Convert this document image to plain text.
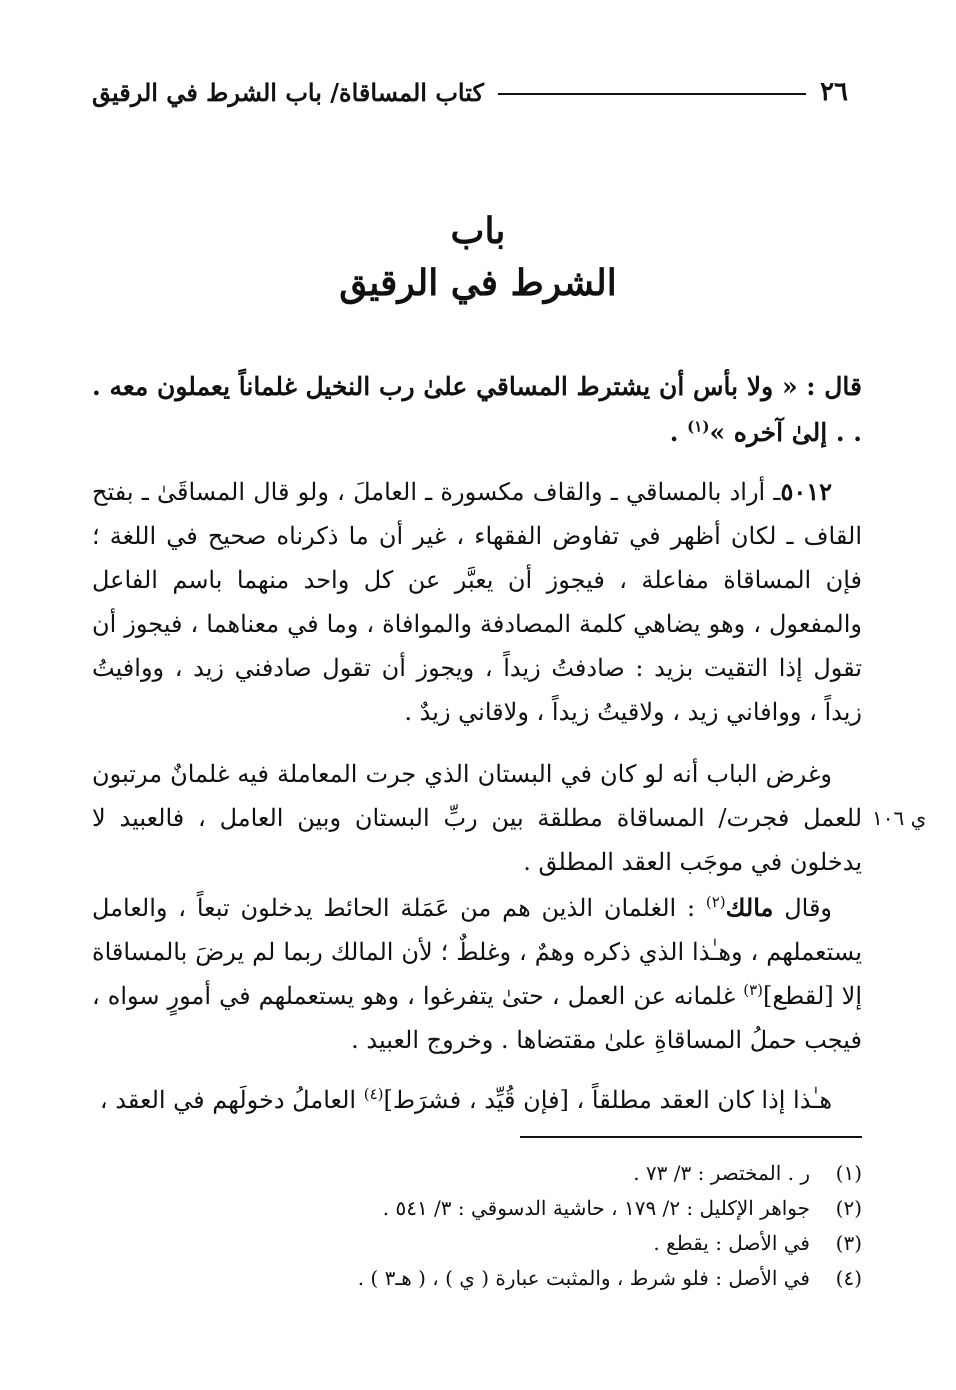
٢٦
كتاب المساقاة/ باب الشرط في الرقيق
باب
الشرط في الرقيق
قال : « ولا بأس أن يشترط المساقي علىٰ رب النخيل غلماناً يعملون معه . . . إلىٰ آخره »$^{(١)}$ .
٥٠١٢ـ أراد بالمساقي ـ والقاف مكسورة ـ العاملَ ، ولو قال المساقَىٰ ـ بفتح القاف ـ لكان أظهر في تفاوض الفقهاء ، غير أن ما ذكرناه صحيح في اللغة ؛ فإن المساقاة مفاعلة ، فيجوز أن يعبَّر عن كل واحد منهما باسم الفاعل والمفعول ، وهو يضاهي كلمة المصادفة والموافاة ، وما في معناهما ، فيجوز أن تقول إذا التقيت بزيد : صادفتُ زيداً ، ويجوز أن تقول صادفني زيد ، ووافيتُ زيداً ، ووافاني زيد ، ولاقيتُ زيداً ، ولاقاني زيدٌ .
وغرض الباب أنه لو كان في البستان الذي جرت المعاملة فيه غلمانٌ مرتبون للعمل فجرت/ المساقاة مطلقة بين ربِّ البستان وبين العامل ، فالعبيد لا يدخلون في موجَب العقد المطلق .
ي ١٠٦
وقال مالك$^{(٢)}$ : الغلمان الذين هم من عَمَلة الحائط يدخلون تبعاً ، والعامل يستعملهم ، وهـٰذا الذي ذكره وهمٌ ، وغلطٌ ؛ لأن المالك ربما لم يرضَ بالمساقاة إلا [لقطع]$^{(٣)}$ غلمانه عن العمل ، حتىٰ يتفرغوا ، وهو يستعملهم في أمورٍ سواه ، فيجب حملُ المساقاةِ علىٰ مقتضاها . وخروج العبيد .
هـٰذا إذا كان العقد مطلقاً ، [فإن قُيِّد ، فشرَط]$^{(٤)}$ العاملُ دخولَهم في العقد ،
(١)
ر . المختصر : ٣/ ٧٣ .
(٢)
جواهر الإكليل : ٢/ ١٧٩ ، حاشية الدسوقي : ٣/ ٥٤١ .
(٣)
في الأصل : يقطع .
(٤)
في الأصل : فلو شرط ، والمثبت عبارة ( ي ) ، ( هـ٣ ) .
